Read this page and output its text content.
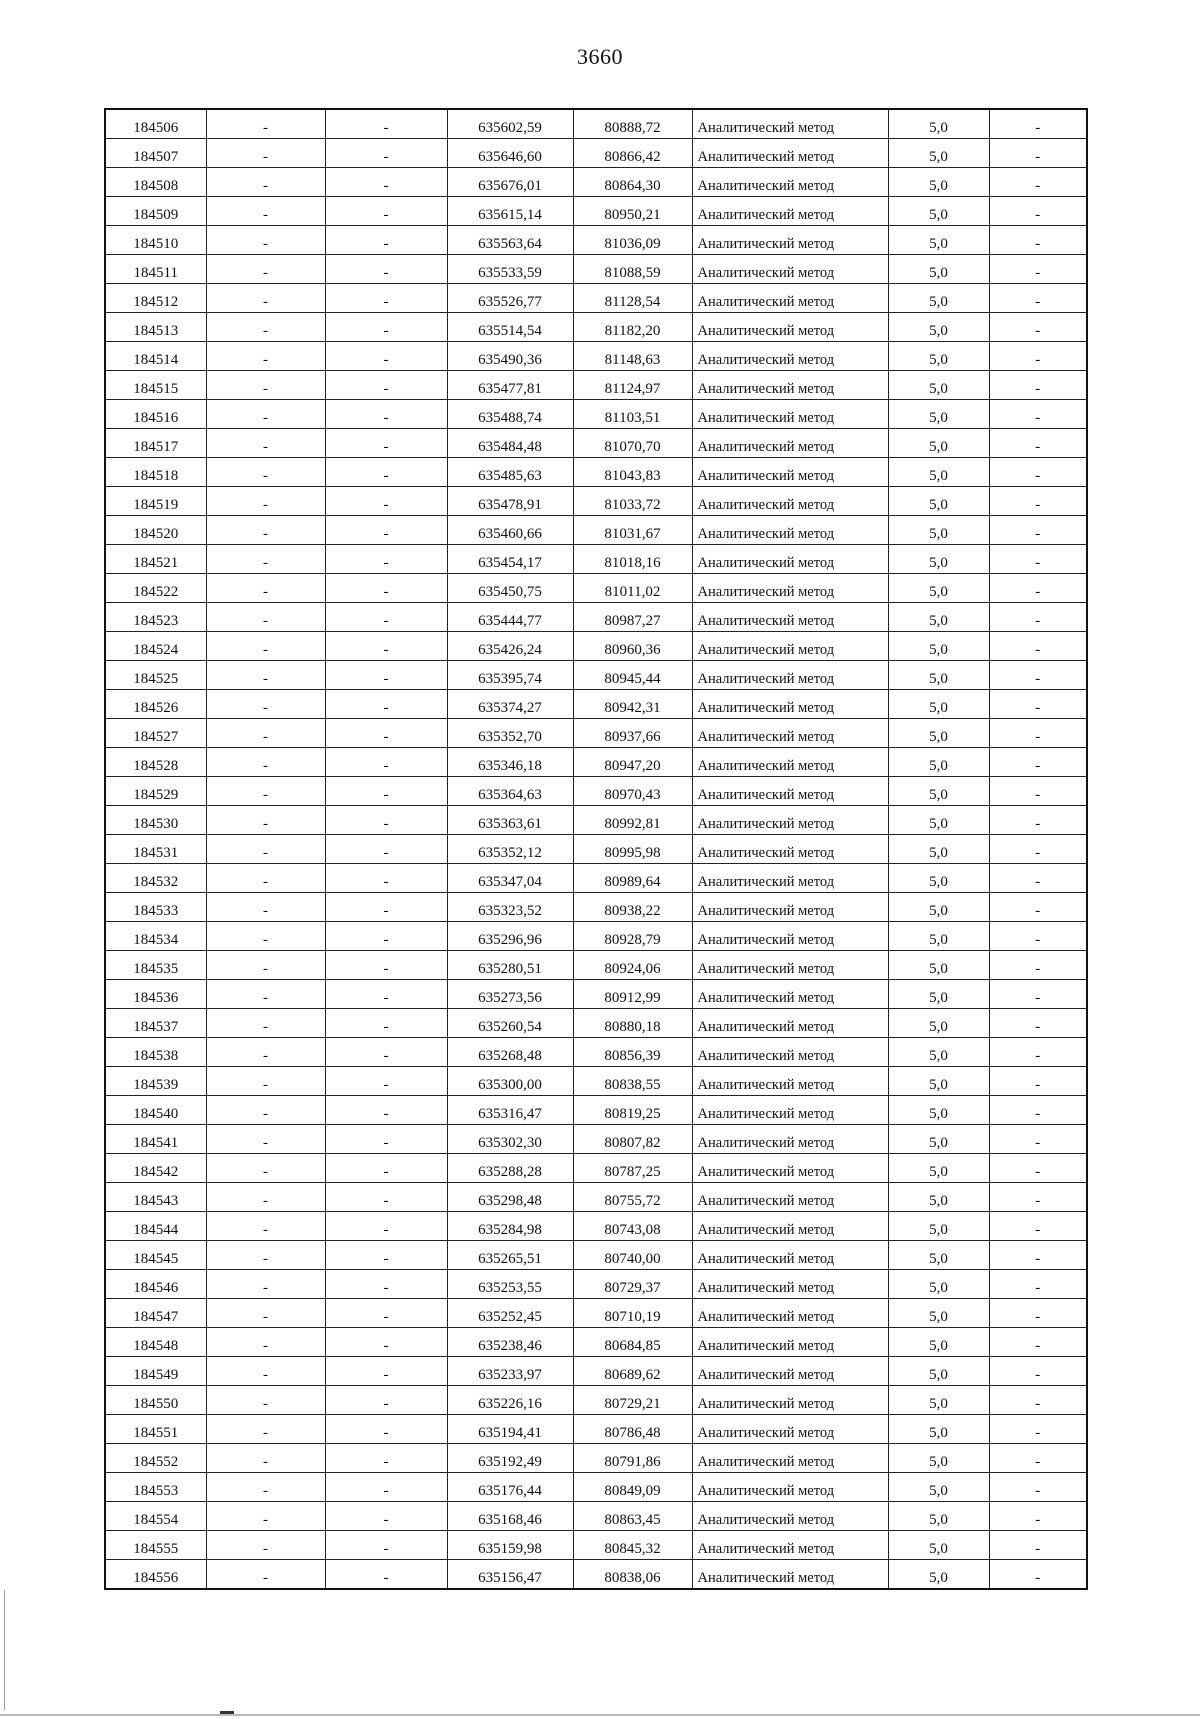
3660
184506	-	-	635602,59	80888,72	Аналитический метод	5,0	-
184507	-	-	635646,60	80866,42	Аналитический метод	5,0	-
184508	-	-	635676,01	80864,30	Аналитический метод	5,0	-
184509	-	-	635615,14	80950,21	Аналитический метод	5,0	-
184510	-	-	635563,64	81036,09	Аналитический метод	5,0	-
184511	-	-	635533,59	81088,59	Аналитический метод	5,0	-
184512	-	-	635526,77	81128,54	Аналитический метод	5,0	-
184513	-	-	635514,54	81182,20	Аналитический метод	5,0	-
184514	-	-	635490,36	81148,63	Аналитический метод	5,0	-
184515	-	-	635477,81	81124,97	Аналитический метод	5,0	-
184516	-	-	635488,74	81103,51	Аналитический метод	5,0	-
184517	-	-	635484,48	81070,70	Аналитический метод	5,0	-
184518	-	-	635485,63	81043,83	Аналитический метод	5,0	-
184519	-	-	635478,91	81033,72	Аналитический метод	5,0	-
184520	-	-	635460,66	81031,67	Аналитический метод	5,0	-
184521	-	-	635454,17	81018,16	Аналитический метод	5,0	-
184522	-	-	635450,75	81011,02	Аналитический метод	5,0	-
184523	-	-	635444,77	80987,27	Аналитический метод	5,0	-
184524	-	-	635426,24	80960,36	Аналитический метод	5,0	-
184525	-	-	635395,74	80945,44	Аналитический метод	5,0	-
184526	-	-	635374,27	80942,31	Аналитический метод	5,0	-
184527	-	-	635352,70	80937,66	Аналитический метод	5,0	-
184528	-	-	635346,18	80947,20	Аналитический метод	5,0	-
184529	-	-	635364,63	80970,43	Аналитический метод	5,0	-
184530	-	-	635363,61	80992,81	Аналитический метод	5,0	-
184531	-	-	635352,12	80995,98	Аналитический метод	5,0	-
184532	-	-	635347,04	80989,64	Аналитический метод	5,0	-
184533	-	-	635323,52	80938,22	Аналитический метод	5,0	-
184534	-	-	635296,96	80928,79	Аналитический метод	5,0	-
184535	-	-	635280,51	80924,06	Аналитический метод	5,0	-
184536	-	-	635273,56	80912,99	Аналитический метод	5,0	-
184537	-	-	635260,54	80880,18	Аналитический метод	5,0	-
184538	-	-	635268,48	80856,39	Аналитический метод	5,0	-
184539	-	-	635300,00	80838,55	Аналитический метод	5,0	-
184540	-	-	635316,47	80819,25	Аналитический метод	5,0	-
184541	-	-	635302,30	80807,82	Аналитический метод	5,0	-
184542	-	-	635288,28	80787,25	Аналитический метод	5,0	-
184543	-	-	635298,48	80755,72	Аналитический метод	5,0	-
184544	-	-	635284,98	80743,08	Аналитический метод	5,0	-
184545	-	-	635265,51	80740,00	Аналитический метод	5,0	-
184546	-	-	635253,55	80729,37	Аналитический метод	5,0	-
184547	-	-	635252,45	80710,19	Аналитический метод	5,0	-
184548	-	-	635238,46	80684,85	Аналитический метод	5,0	-
184549	-	-	635233,97	80689,62	Аналитический метод	5,0	-
184550	-	-	635226,16	80729,21	Аналитический метод	5,0	-
184551	-	-	635194,41	80786,48	Аналитический метод	5,0	-
184552	-	-	635192,49	80791,86	Аналитический метод	5,0	-
184553	-	-	635176,44	80849,09	Аналитический метод	5,0	-
184554	-	-	635168,46	80863,45	Аналитический метод	5,0	-
184555	-	-	635159,98	80845,32	Аналитический метод	5,0	-
184556	-	-	635156,47	80838,06	Аналитический метод	5,0	-
